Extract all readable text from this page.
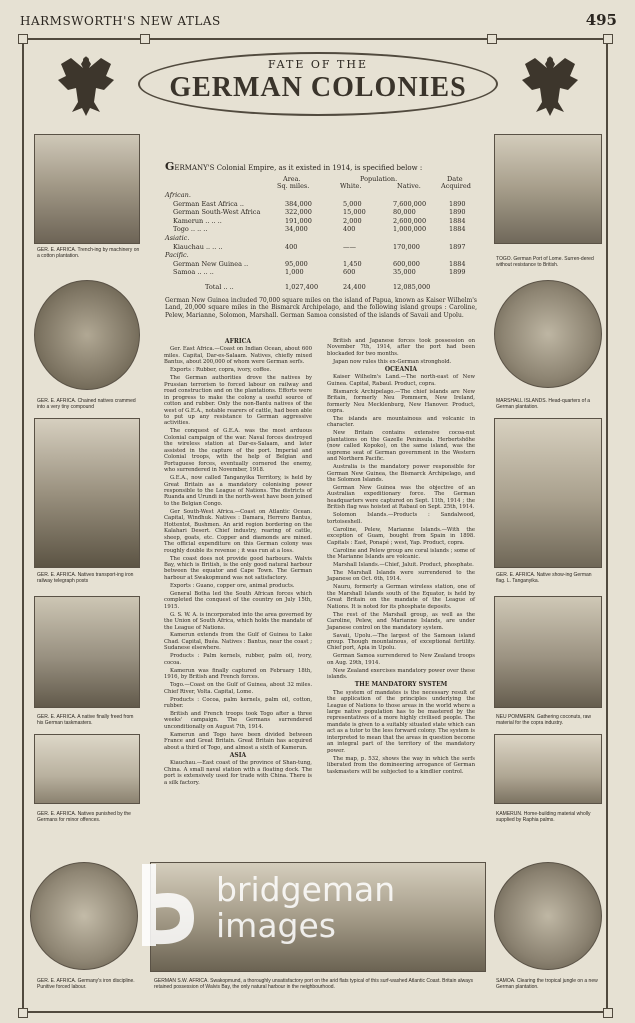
HARMSWORTH'S NEW ATLAS	495
FATE OF THE
GERMAN COLONIES
GER. E. AFRICA. Trench-ing by machinery on a cotton plantation.
GER. E. AFRICA. Chained natives crammed into a very tiny compound
GER. E. AFRICA. Natives transport-ing iron railway telegraph posts
GER. E. AFRICA. A native finally freed from his German taskmasters.
GER. E. AFRICA. Natives punished by the Germans for minor offences.
GER. E. AFRICA. Germany's iron discipline. Punitive forced labour.
TOGO. German Port of Lome. Surren-dered without resistance to British.
MARSHALL ISLANDS. Head-quarters of a German plantation.
GER. E. AFRICA. Native show-ing German flag. L. Tanganyika.
NEU POMMERN. Gathering coconuts, raw material for the copra industry.
KAMERUN. Home-building material wholly supplied by Raphia palms.
SAMOA. Clearing the tropical jungle on a new German plantation.
GERMAN S.W. AFRICA. Swakopmund, a thoroughly unsatisfactory port on the arid flats typical of this surf-washed Atlantic Coast. Britain always retained possession of Walvis Bay, the only natural harbour in the neighbourhood.
GERMANY'S Colonial Empire, as it existed in 1914, is specified below :
Area.	Population.	Date
Sq. miles.	White.	Native.	Acquired
African.
German East Africa ..	384,000	5,000	7,600,000	1890
German South-West Africa	322,000	15,000	80,000	1890
Kamerun .. .. ..	191,000	2,000	2,600,000	1884
Togo .. .. ..	34,000	400	1,000,000	1884
Asiatic.
Kiauchau .. .. ..	400	——	170,000	1897
Pacific.
German New Guinea ..	95,000	1,450	600,000	1884
Samoa .. .. ..	1,000	600	35,000	1899
Total .. ..	1,027,400	24,400	12,085,000
German New Guinea included 70,000 square miles on the island of Papua, known as Kaiser Wilhelm's Land, 20,000 square miles in the Bismarck Archipelago, and the following island groups : Caroline, Pelew, Marianne, Solomon, Marshall. German Samoa consisted of the islands of Savaii and Upolu.
AFRICA

Ger. East Africa.—Coast on Indian Ocean, about 600 miles. Capital, Dar-es-Salaam. Natives, chiefly mixed Bantus, about 200,000 of whom were German serfs.

Exports : Rubber, copra, ivory, coffee.

The German authorities drove the natives by Prussian terrorism to forced labour on railway and road construction and on the plantations. Efforts were in progress to make the colony a useful source of cotton and rubber. Only the non-Bantu natives of the west of G.E.A., notable rearers of cattle, had been able to put up any resistance to German aggressive activities.

The conquest of G.E.A. was the most arduous Colonial campaign of the war. Naval forces destroyed the wireless station at Dar-es-Salaam, and later assisted in the capture of the port. Imperial and Colonial troops, with the help of Belgian and Portuguese forces, eventually cornered the enemy, who surrendered in November, 1918.

G.E.A., now called Tanganyika Territory, is held by Great Britain as a mandatory colonising power responsible to the League of Nations. The districts of Ruanda and Urundi in the north-west have been joined to the Belgian Congo.

Ger South-West Africa.—Coast on Atlantic Ocean. Capital, Windhuk. Natives : Damara, Herrero Bantus, Hottentot, Bushmen. An arid region bordering on the Kalahari Desert. Chief industry, rearing of cattle, sheep, goats, etc. Copper and diamonds are mined. The official expenditure on this German colony was roughly double its revenue ; it was run at a loss.

The coast does not provide good harbours. Walvis Bay, which is British, is the only good natural harbour between the equator and Cape Town. The German harbour at Swakopmund was not satisfactory.

Exports : Guano, copper ore, animal products.

General Botha led the South African forces which completed the conquest of the country on July 15th, 1915.

G. S. W. A. is incorporated into the area governed by the Union of South Africa, which holds the mandate of the League of Nations.

Kamerun extends from the Gulf of Guinea to Lake Chad. Capital, Buéa. Natives : Bantus, near the coast ; Sudanese elsewhere.

Products : Palm kernels, rubber, palm oil, ivory, cocoa.

Kamerun was finally captured on February 18th, 1916, by British and French forces.

Togo.—Coast on the Gulf of Guinea, about 32 miles. Chief River, Volta. Capital, Lome.

Products : Cocoa, palm kernels, palm oil, cotton, rubber.

British and French troops took Togo after a three weeks' campaign. The Germans surrendered unconditionally on August 7th, 1914.

Kamerun and Togo have been divided between France and Great Britain. Great Britain has acquired about a third of Togo, and almost a sixth of Kamerun.

ASIA

Kiauchau.—East coast of the province of Shan-tung, China. A small naval station with a floating dock. The port is extensively used for trade with China. There is a silk factory.

British and Japanese forces took possession on November 7th, 1914, after the port had been blockaded for two months.

Japan now rules this ex-German stronghold.

OCEANIA

Kaiser Wilhelm's Land.—The north-east of New Guinea. Capital, Rabaul. Product, copra.

Bismarck Archipelago.—The chief islands are New Britain, formerly Neu Pommern, New Ireland, formerly Neu Mecklenburg, New Hanover. Product, copra.

The islands are mountainous and volcanic in character.

New Britain contains extensive cocoa-nut plantations on the Gazelle Peninsula. Herbertshöhe (now called Kopoko), on the same island, was the supreme seat of German government in the Western and Northern Pacific.

Australia is the mandatory power responsible for German New Guinea, the Bismarck Archipelago, and the Solomon Islands.

German New Guinea was the objective of an Australian expeditionary force. The German headquarters were captured on Sept. 11th, 1914 ; the British flag was hoisted at Rabaul on Sept. 25th, 1914.

Solomon Islands.—Products : Sandalwood, tortoiseshell.

Caroline, Pelew, Marianne Islands.—With the exception of Guam, bought from Spain in 1898. Capitals : East, Ponapé ; west, Yap. Product, copra.

Caroline and Pelew group are coral islands ; some of the Marianne Islands are volcanic.

Marshall Islands.—Chief, Jaluit. Product, phosphate.

The Marshall Islands were surrendered to the Japanese on Oct. 6th, 1914.

Nauru, formerly a German wireless station, one of the Marshall Islands south of the Equator, is held by Great Britain on the mandate of the League of Nations. It is noted for its phosphate deposits.

The rest of the Marshall group, as well as the Caroline, Pelew, and Marianne Islands, are under Japanese control on the mandatory system.

Savaii, Upolu.—The largest of the Samoan island group. Though mountainous, of exceptional fertility. Chief port, Apia in Upolu.

German Samoa surrendered to New Zealand troops on Aug. 29th, 1914.

New Zealand exercises mandatory power over these islands.

THE MANDATORY SYSTEM

The system of mandates is the necessary result of the application of the principles underlying the League of Nations to those areas in the world where a large native population has to be mastered by the representatives of a more highly civilised people. The mandate is given to a suitably situated state which can act as a tutor to the less forward colony. The system is interpreted to mean that the areas in question become an integral part of the territory of the mandatory power.

The map, p. 532, shows the way in which the serfs liberated from the domineering arrogance of German taskmasters will be subjected to a kindlier control.

bridgeman
images
